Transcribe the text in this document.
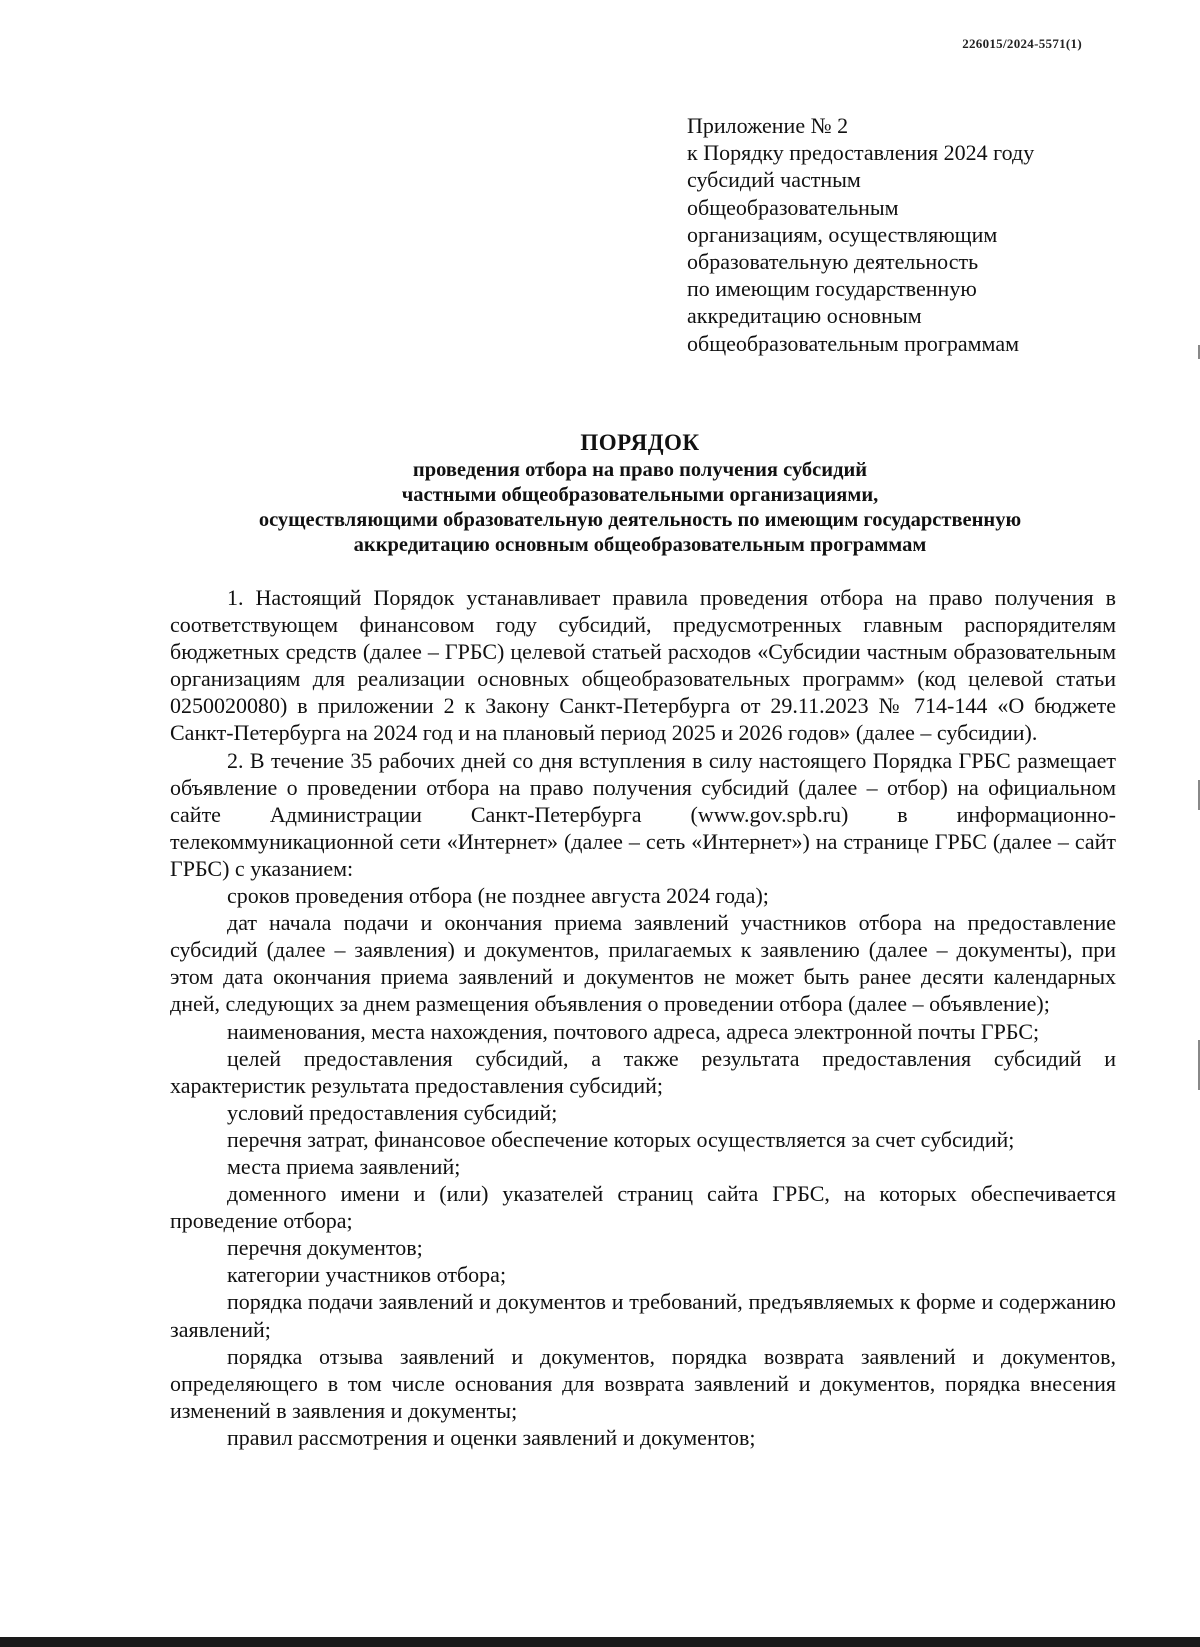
226015/2024-5571(1)
Приложение № 2
к Порядку предоставления 2024 году
субсидий частным
общеобразовательным
организациям, осуществляющим
образовательную деятельность
по имеющим государственную
аккредитацию основным
общеобразовательным программам
ПОРЯДОК
проведения отбора на право получения субсидий
частными общеобразовательными организациями,
осуществляющими образовательную деятельность по имеющим государственную
аккредитацию основным общеобразовательным программам

1. Настоящий Порядок устанавливает правила проведения отбора на право получения в соответствующем финансовом году субсидий, предусмотренных главным распорядителям бюджетных средств (далее – ГРБС) целевой статьей расходов «Субсидии частным образовательным организациям для реализации основных общеобразовательных программ» (код целевой статьи 0250020080) в приложении 2 к Закону Санкт-Петербурга от 29.11.2023 № 714-144 «О бюджете Санкт-Петербурга на 2024 год и на плановый период 2025 и 2026 годов» (далее – субсидии).

2. В течение 35 рабочих дней со дня вступления в силу настоящего Порядка ГРБС размещает объявление о проведении отбора на право получения субсидий (далее – отбор) на официальном сайте Администрации Санкт-Петербурга (www.gov.spb.ru) в информационно-телекоммуникационной сети «Интернет» (далее – сеть «Интернет») на странице ГРБС (далее – сайт ГРБС) с указанием:

сроков проведения отбора (не позднее августа 2024 года);

дат начала подачи и окончания приема заявлений участников отбора на предоставление субсидий (далее – заявления) и документов, прилагаемых к заявлению (далее – документы), при этом дата окончания приема заявлений и документов не может быть ранее десяти календарных дней, следующих за днем размещения объявления о проведении отбора (далее – объявление);

наименования, места нахождения, почтового адреса, адреса электронной почты ГРБС;

целей предоставления субсидий, а также результата предоставления субсидий и характеристик результата предоставления субсидий;

условий предоставления субсидий;

перечня затрат, финансовое обеспечение которых осуществляется за счет субсидий;

места приема заявлений;

доменного имени и (или) указателей страниц сайта ГРБС, на которых обеспечивается проведение отбора;

перечня документов;

категории участников отбора;

порядка подачи заявлений и документов и требований, предъявляемых к форме и содержанию заявлений;

порядка отзыва заявлений и документов, порядка возврата заявлений и документов, определяющего в том числе основания для возврата заявлений и документов, порядка внесения изменений в заявления и документы;

правил рассмотрения и оценки заявлений и документов;
